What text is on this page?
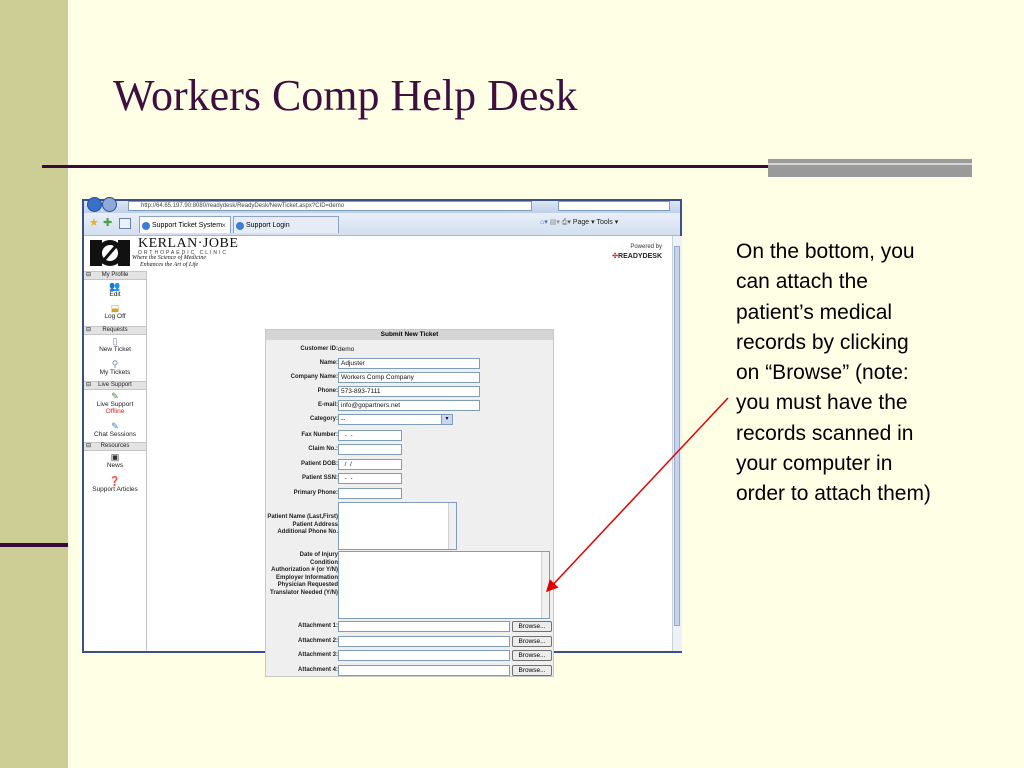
Workers Comp Help Desk

On the bottom, you can attach the patient’s medical records by clicking on “Browse” (note: you must have the records scanned in your computer in order to attach them)

http://64.65.197.90:8080/readydesk/ReadyDesk/NewTicket.aspx?CID=demo
★ ✚	Support Ticket System ×	Support Login	⌂▾ ▤▾ ⎙▾ Page ▾ Tools ▾
KERLAN·JOBE
ORTHOPAEDIC CLINIC
Where the Science of Medicine
Enhances the Art of Life
Powered by
✣READYDESK
⊟ My Profile
👥
Edit
⬓
Log Off
⊟ Requests
▯
New Ticket
⚲
My Tickets
⊟ Live Support
✎
Live Support
Offline
✎
Chat Sessions
⊟ Resources
▣
News
❓
Support Articles
Submit New Ticket
Customer ID: demo
Name: Adjuster
Company Name: Workers Comp Company
Phone: 573-893-7111
E-mail: info@gopartners.net
Category: --	▾
Fax Number: -  -
Claim No.:
Patient DOB: /  /
Patient SSN: -  -
Primary Phone:
Patient Name (Last,First)
Patient Address
Additional Phone No.
Date of Injury
Condition
Authorization # (or Y/N)
Employer Information
Physician Requested
Translator Needed (Y/N)
Attachment 1:	Browse...
Attachment 2:	Browse...
Attachment 3:	Browse...
Attachment 4:	Browse...
